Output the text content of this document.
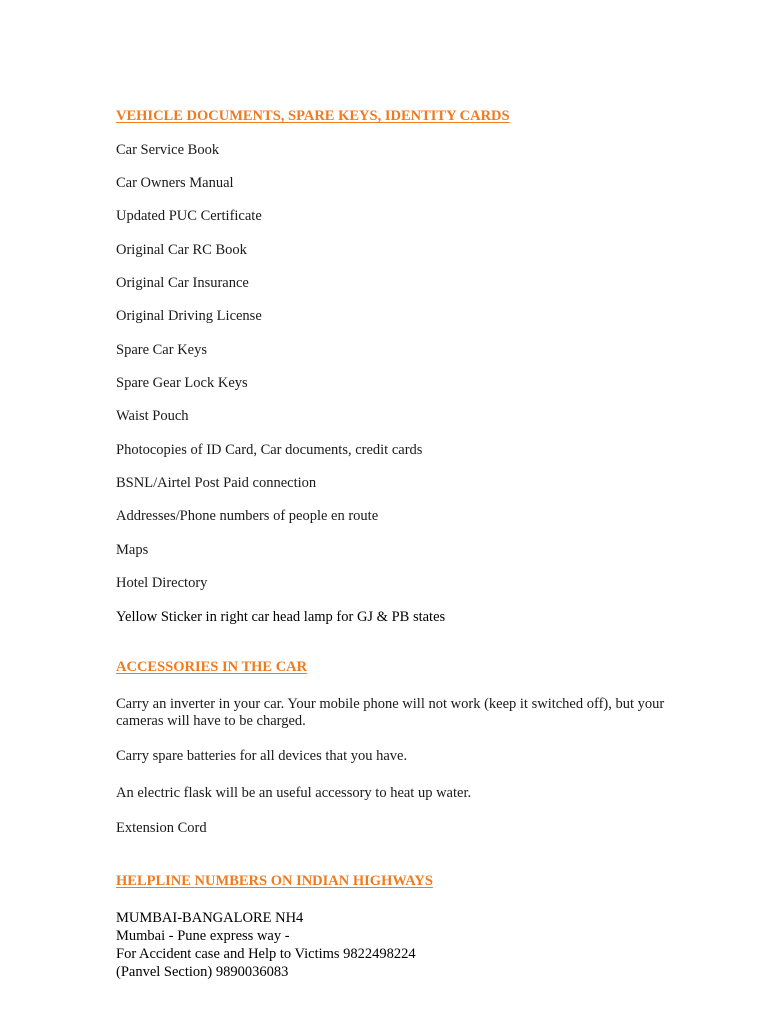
VEHICLE DOCUMENTS, SPARE KEYS, IDENTITY CARDS

Car Service Book

Car Owners Manual

Updated PUC Certificate

Original Car RC Book

Original Car Insurance

Original Driving License

Spare Car Keys

Spare Gear Lock Keys

Waist Pouch

Photocopies of ID Card, Car documents, credit cards

BSNL/Airtel Post Paid connection

Addresses/Phone numbers of people en route

Maps

Hotel Directory

Yellow Sticker in right car head lamp for GJ & PB states

ACCESSORIES IN THE CAR

Carry an inverter in your car. Your mobile phone will not work (keep it switched off), but your cameras will have to be charged.

Carry spare batteries for all devices that you have.

An electric flask will be an useful accessory to heat up water.

Extension Cord

HELPLINE NUMBERS ON INDIAN HIGHWAYS
MUMBAI-BANGALORE NH4
Mumbai - Pune express way -
For Accident case and Help to Victims 9822498224
(Panvel Section) 9890036083
